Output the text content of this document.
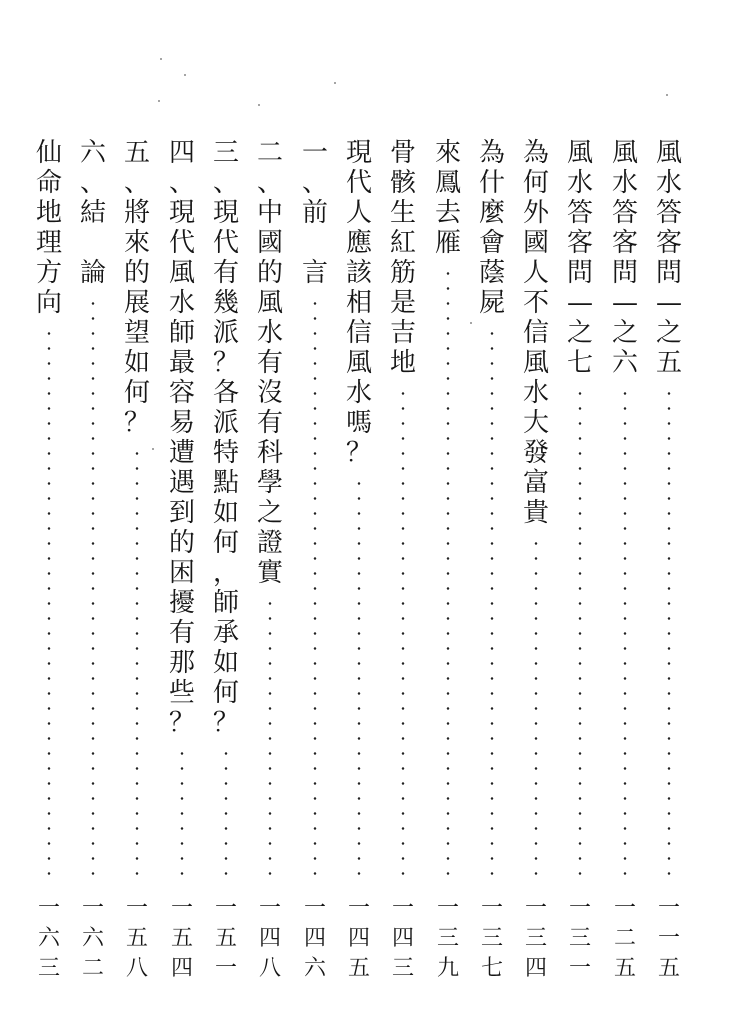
風
水
答
客
問
—
之
五
一
一
五
風
水
答
客
問
—
之
六
一
二
五
風
水
答
客
問
—
之
七
一
三
一
為
何
外
國
人
不
信
風
水
大
發
富
貴
一
三
四
為
什
麼
會
蔭
屍
一
三
七
來
鳳
去
雁
一
三
九
骨
骸
生
紅
筋
是
吉
地
一
四
三
現
代
人
應
該
相
信
風
水
嗎
？
一
四
五
一
、
前

言
一
四
六
二
、
中
國
的
風
水
有
沒
有
科
學
之
證
實
一
四
八
三
、
現
代
有
幾
派
？
各
派
特
點
如
何
，
師
承
如
何
？
一
五
一
四
、
現
代
風
水
師
最
容
易
遭
遇
到
的
困
擾
有
那
些
？
一
五
四
五
、
將
來
的
展
望
如
何
？
一
五
八
六
、
結

論
一
六
二
仙
命
地
理
方
向
一
六
三
